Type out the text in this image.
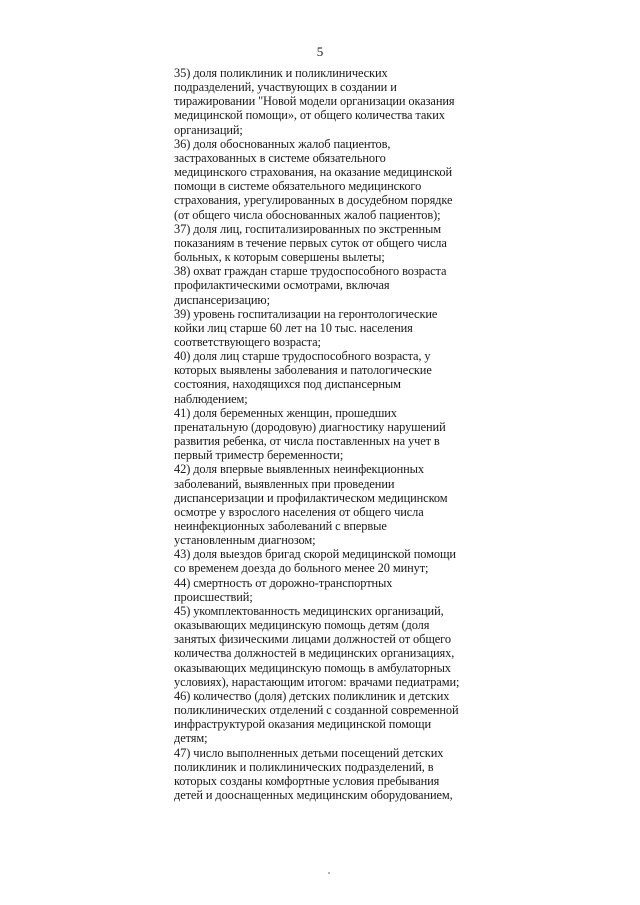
5
35) доля поликлиник и поликлинических
подразделений, участвующих в создании и
тиражировании "Новой модели организации оказания
медицинской помощи», от общего количества таких
организаций;
36) доля обоснованных жалоб пациентов,
застрахованных в системе обязательного
медицинского страхования, на оказание медицинской
помощи в системе обязательного медицинского
страхования, урегулированных в досудебном порядке
(от общего числа обоснованных жалоб пациентов);
37) доля лиц, госпитализированных по экстренным
показаниям в течение первых суток от общего числа
больных, к которым совершены вылеты;
38) охват граждан старше трудоспособного возраста
профилактическими осмотрами, включая
диспансеризацию;
39) уровень госпитализации на геронтологические
койки лиц старше 60 лет на 10 тыс. населения
соответствующего возраста;
40) доля лиц старше трудоспособного возраста, у
которых выявлены заболевания и патологические
состояния, находящихся под диспансерным
наблюдением;
41) доля беременных женщин, прошедших
пренатальную (дородовую) диагностику нарушений
развития ребенка, от числа поставленных на учет в
первый триместр беременности;
42) доля впервые выявленных неинфекционных
заболеваний, выявленных при проведении
диспансеризации и профилактическом медицинском
осмотре у взрослого населения от общего числа
неинфекционных заболеваний с впервые
установленным диагнозом;
43) доля выездов бригад скорой медицинской помощи
со временем доезда до больного менее 20 минут;
44) смертность от дорожно-транспортных
происшествий;
45) укомплектованность медицинских организаций,
оказывающих медицинскую помощь детям (доля
занятых физическими лицами должностей от общего
количества должностей в медицинских организациях,
оказывающих медицинскую помощь в амбулаторных
условиях), нарастающим итогом: врачами педиатрами;
46) количество (доля) детских поликлиник и детских
поликлинических отделений с созданной современной
инфраструктурой оказания медицинской помощи
детям;
47) число выполненных детьми посещений детских
поликлиник и поликлинических подразделений, в
которых созданы комфортные условия пребывания
детей и дооснащенных медицинским оборудованием,
